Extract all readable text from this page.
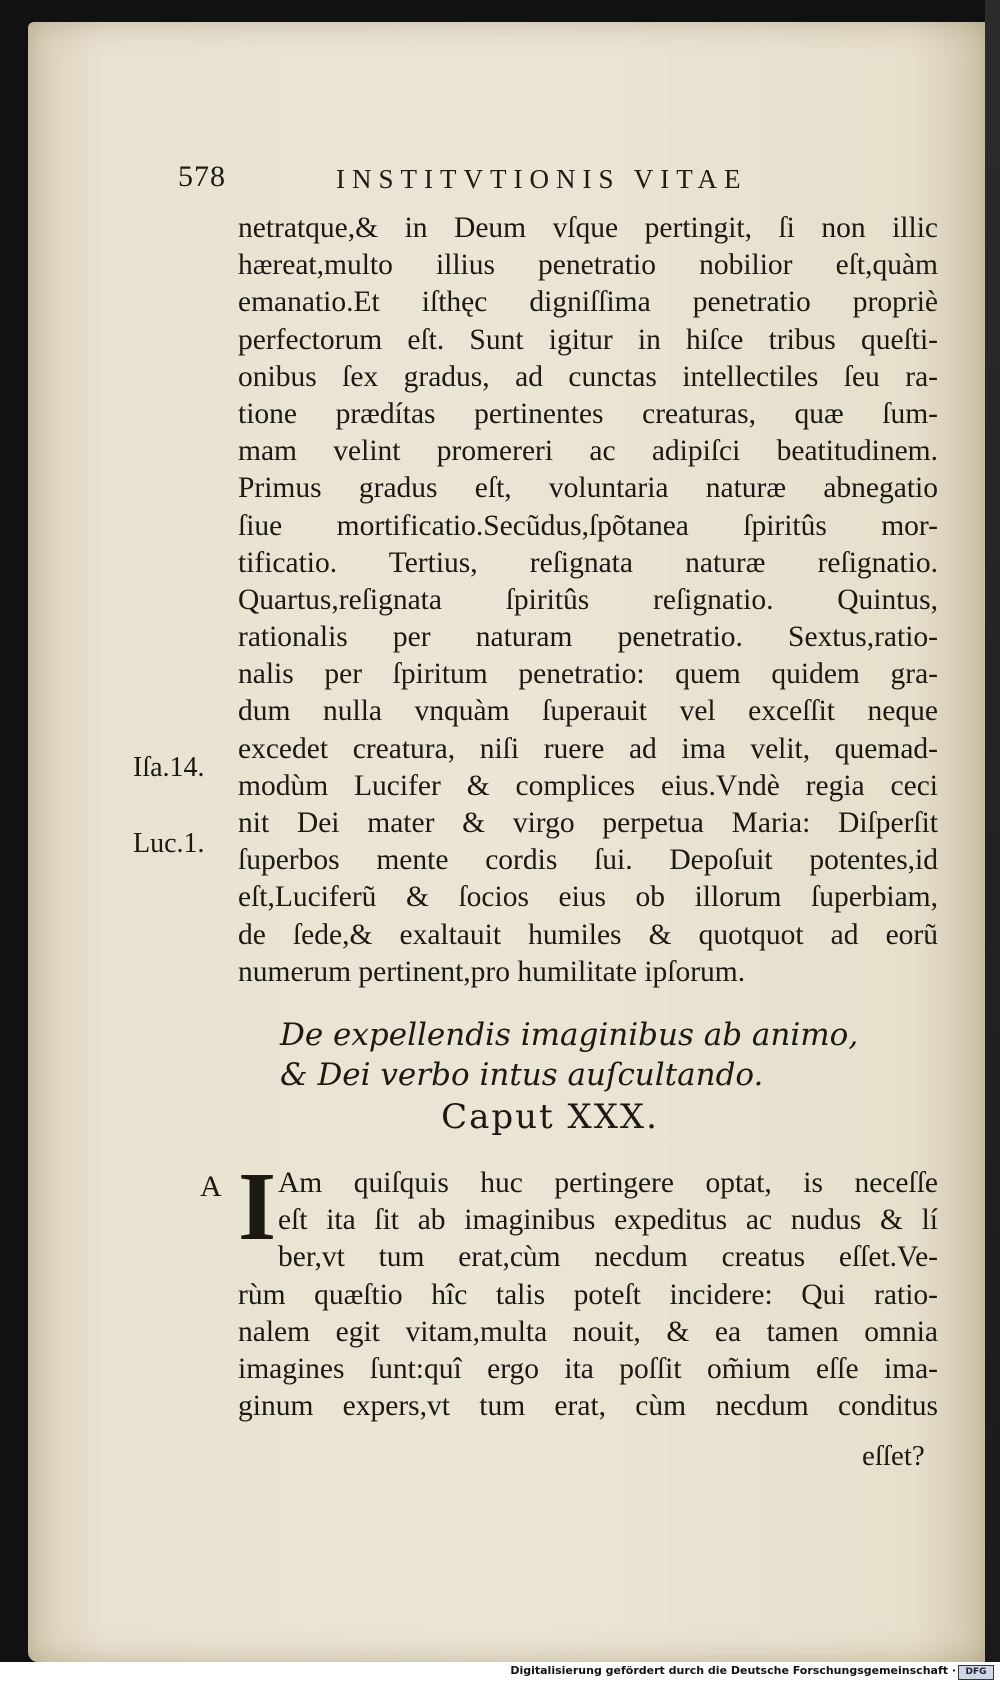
578	INSTITVTIONIS VITAE
netratque,& in Deum vſque pertingit, ſi non illic
hæreat,multo illius penetratio nobilior eſt,quàm
emanatio.Et iſthęc digniſſima penetratio propriè
perfectorum eſt. Sunt igitur in hiſce tribus queſti-
onibus ſex gradus, ad cunctas intellectiles ſeu ra-
tione prædítas pertinentes creaturas, quæ ſum-
mam velint promereri ac adipiſci beatitudinem.
Primus gradus eſt, voluntaria naturæ abnegatio
ſiue mortificatio.Secũdus,ſpõtanea ſpiritûs mor-
tificatio. Tertius, reſignata naturæ reſignatio.
Quartus,reſignata ſpiritûs reſignatio. Quintus,
rationalis per naturam penetratio. Sextus,ratio-
nalis per ſpiritum penetratio: quem quidem gra-
dum nulla vnquàm ſuperauit vel exceſſit neque
excedet creatura, niſi ruere ad ima velit, quemad-
modùm Lucifer & complices eius.Vndè regia ceci
nit Dei mater & virgo perpetua Maria: Diſperſit
ſuperbos mente cordis ſui. Depoſuit potentes,id
eſt,Luciferũ & ſocios eius ob illorum ſuperbiam,
de ſede,& exaltauit humiles & quotquot ad eorũ
numerum pertinent,pro humilitate ipſorum.
Iſa.14.
Luc.1.
De expellendis imaginibus ab animo,
& Dei verbo intus auſcultando.
Caput XXX.
A I Am quiſquis huc pertingere optat, is neceſſe
eſt ita ſit ab imaginibus expeditus ac nudus & lí
ber,vt tum erat,cùm necdum creatus eſſet.Ve-
rùm quæſtio hîc talis poteſt incidere: Qui ratio-
nalem egit vitam,multa nouit, & ea tamen omnia
imagines ſunt:quî ergo ita poſſit om̃ium eſſe ima-
ginum expers,vt tum erat, cùm necdum conditus
eſſet?
Digitalisierung gefördert durch die Deutsche Forschungsgemeinschaft ·	DFG
